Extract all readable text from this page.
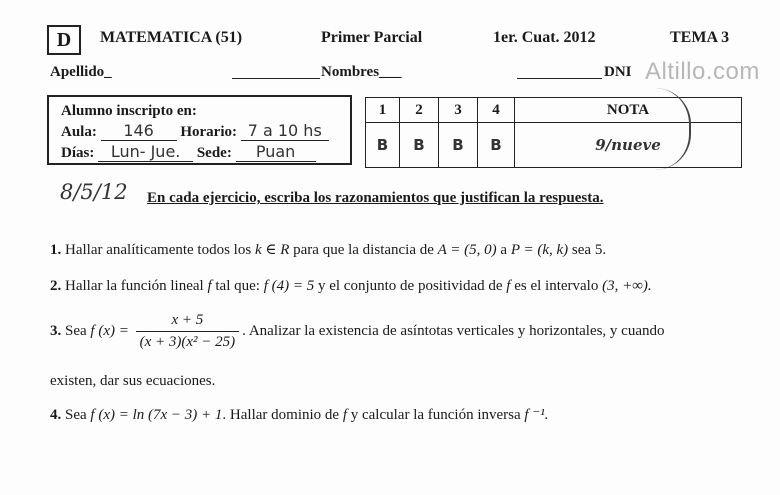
D	MATEMATICA (51)	Primer Parcial	1er. Cuat. 2012	TEMA 3
Apellido_	Nombres___	DNI Altillo.com
Alumno inscripto en:
Aula: 146 Horario: 7 a 10 hs
Días: Lun- Jue. Sede: Puan
1	2	3	4	NOTA
B	B	B	B	9/nueve
8/5/12 En cada ejercicio, escriba los razonamientos que justifican la respuesta.
1. Hallar analíticamente todos los k ∈ R para que la distancia de A = (5, 0) a P = (k, k) sea 5.
2. Hallar la función lineal f tal que: f (4) = 5 y el conjunto de positividad de f es el intervalo (3, +∞).
3. Sea f $(x) = \frac{x + 5}{\text{(x + 3)(x² − 25)}}$ . Analizar la existencia de asíntotas verticales y horizontales, y cuando
existen, dar sus ecuaciones.
4. Sea f (x) = ln (7x − 3) + 1. Hallar dominio de f y calcular la función inversa f ⁻¹.
